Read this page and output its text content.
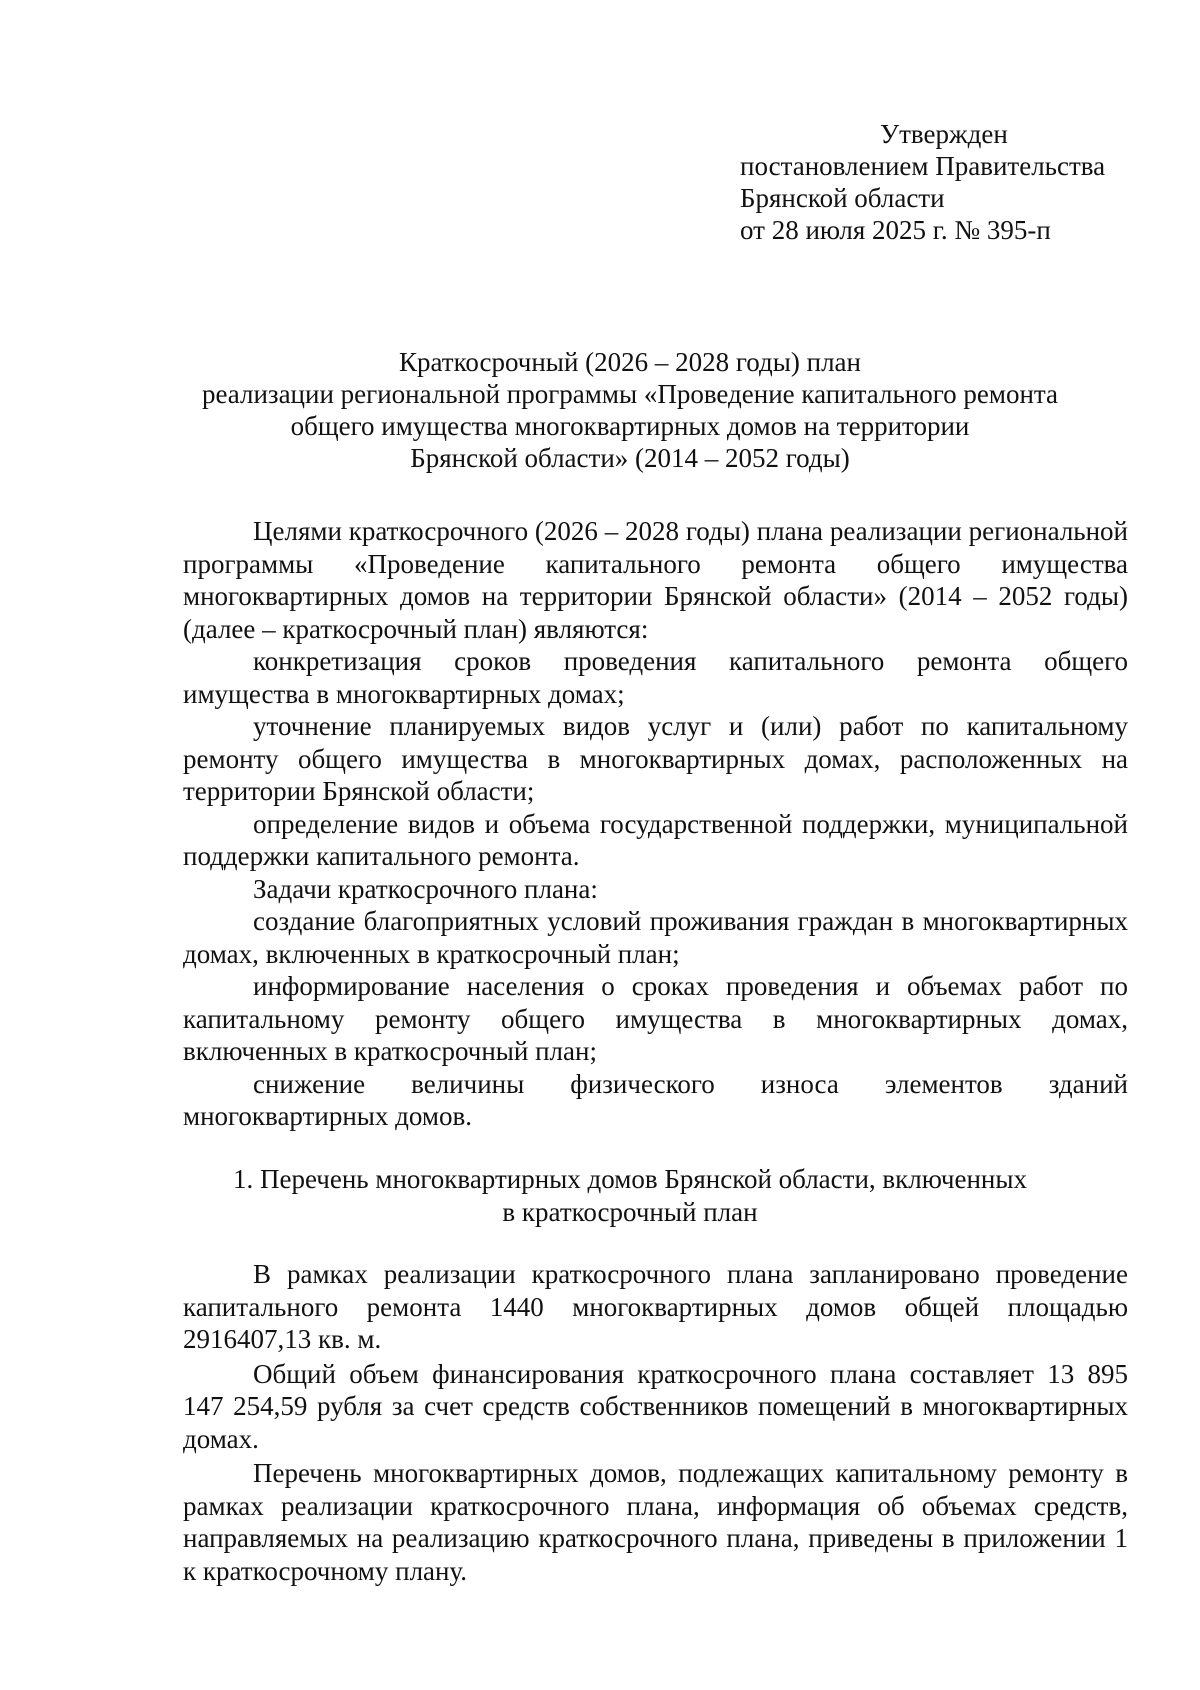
Утвержден
постановлением Правительства
Брянской области
от 28 июля 2025 г. № 395-п
Краткосрочный (2026 – 2028 годы) план
реализации региональной программы «Проведение капитального ремонта
общего имущества многоквартирных домов на территории
Брянской области» (2014 – 2052 годы)

Целями краткосрочного (2026 – 2028 годы) плана реализации региональной программы «Проведение капитального ремонта общего имущества многоквартирных домов на территории Брянской области» (2014 – 2052 годы) (далее – краткосрочный план) являются:

конкретизация сроков проведения капитального ремонта общего имущества в многоквартирных домах;

уточнение планируемых видов услуг и (или) работ по капитальному ремонту общего имущества в многоквартирных домах, расположенных на территории Брянской области;

определение видов и объема государственной поддержки, муниципальной поддержки капитального ремонта.

Задачи краткосрочного плана:

создание благоприятных условий проживания граждан в многоквартирных домах, включенных в краткосрочный план;

информирование населения о сроках проведения и объемах работ по капитальному ремонту общего имущества в многоквартирных домах, включенных в краткосрочный план;

снижение величины физического износа элементов зданий многоквартирных домов.

1. Перечень многоквартирных домов Брянской области, включенных
в краткосрочный план

В рамках реализации краткосрочного плана запланировано проведение капитального ремонта 1440 многоквартирных домов общей площадью 2916407,13 кв. м.

Общий объем финансирования краткосрочного плана составляет 13 895 147 254,59 рубля за счет средств собственников помещений в многоквартирных домах.

Перечень многоквартирных домов, подлежащих капитальному ремонту в рамках реализации краткосрочного плана, информация об объемах средств, направляемых на реализацию краткосрочного плана, приведены в приложении 1 к краткосрочному плану.
